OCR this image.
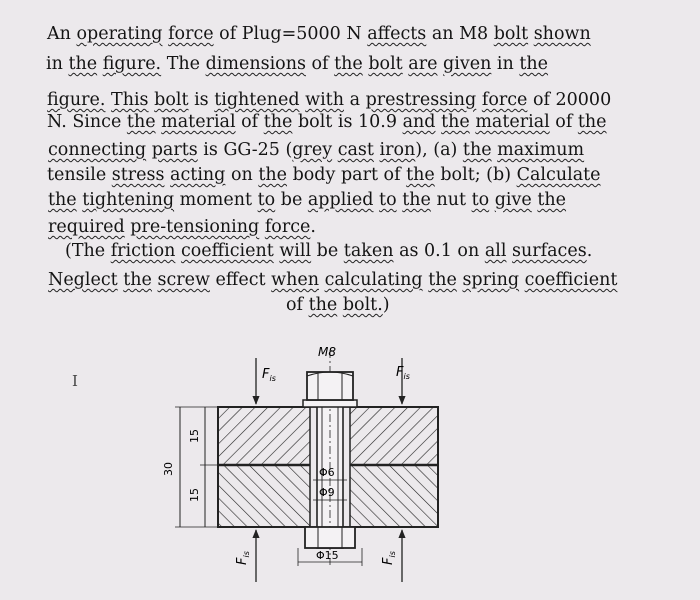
An operating force of Plug=5000 N affects an M8 bolt shown
in the figure. The dimensions of the bolt are given in the
figure. This bolt is tightened with a prestressing force of 20000
N. Since the material of the bolt is 10.9 and the material of the
connecting parts is GG-25 (grey cast iron), (a) the maximum
tensile stress acting on the body part of the bolt; (b) Calculate
the tightening moment to be applied to the nut to give the
required pre-tensioning force.
(The friction coefficient will be taken as 0.1 on all surfaces.
Neglect the screw effect when calculating the spring coefficient
of the bolt.)
I
M8
$F_{is}$	$F_{is}$
$F_{is}$
$F_{is}$
30
15
15
Φ6
Φ9
Φ15
